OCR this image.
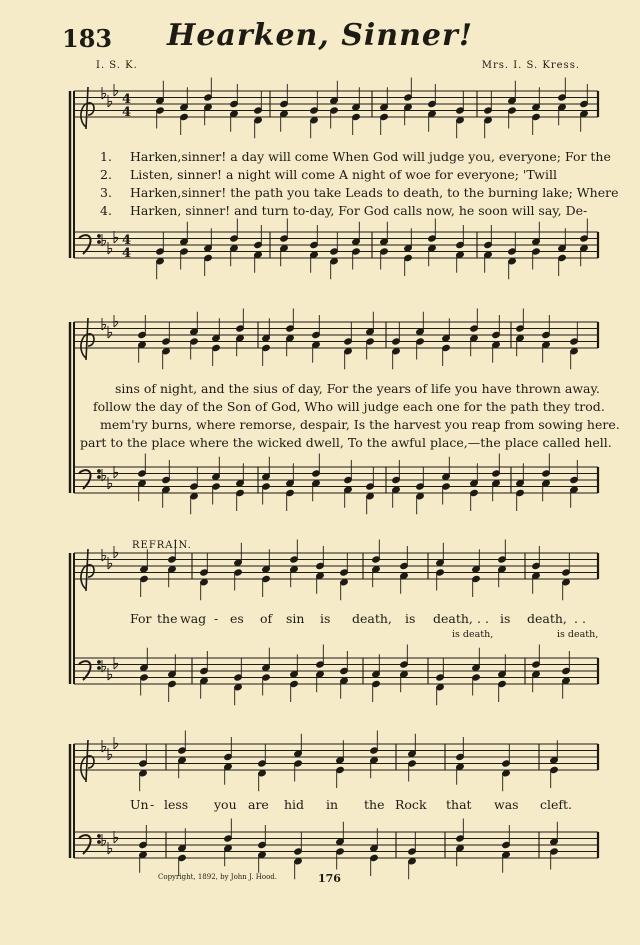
183	Hearken, Sinner!
I. S. K.	Mrs. I. S. Kress.
1. Harken,sinner! a day will come When God will judge you, everyone; For the
2. Listen, sinner! a night will come A night of woe for everyone; 'Twill
3. Harken,sinner! the path you take Leads to death, to the burning lake; Where
4. Harken, sinner! and turn to-day, For God calls now, he soon will say, De-
sins of night, and the sius of day, For the years of life you have thrown away.
follow the day of the Son of God, Who will judge each one for the path they trod.
mem'ry burns, where remorse, despair, Is the harvest you reap from sowing here.
part to the place where the wicked dwell, To the awful place,—the place called hell.
REFRAIN.
For the wag - es of sin is death, is death, . . is death, . .
is death,	is death,
Un - less you are hid in the Rock that was cleft.
Copyright, 1892, by John J. Hood.	176
4
4
4
4
